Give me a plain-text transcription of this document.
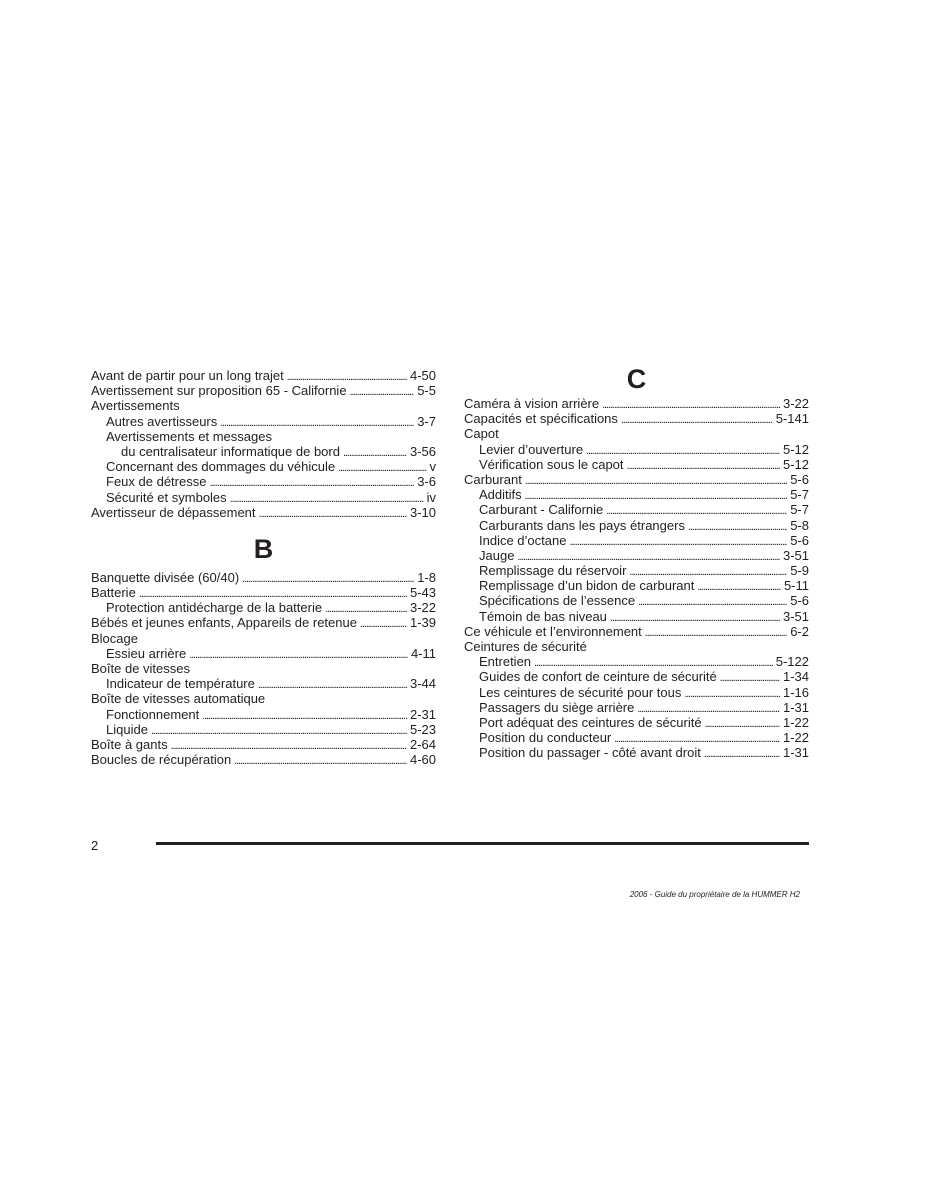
Avant de partir pour un long trajet . . .	4-50
Avertissement sur proposition 65 - Californie . . .	5-5
Avertissements
Autres avertisseurs . . .	3-7
Avertissements et messages
du centralisateur informatique de bord . . .	3-56
Concernant des dommages du véhicule . . .	v
Feux de détresse . . .	3-6
Sécurité et symboles . . .	iv
Avertisseur de dépassement . . .	3-10
B
Banquette divisée (60/40) . . .	1-8
Batterie . . .	5-43
Protection antidécharge de la batterie . . .	3-22
Bébés et jeunes enfants, Appareils de retenue . . .	1-39
Blocage
Essieu arrière . . .	4-11
Boîte de vitesses
Indicateur de température . . .	3-44
Boîte de vitesses automatique
Fonctionnement . . .	2-31
Liquide . . .	5-23
Boîte à gants . . .	2-64
Boucles de récupération . . .	4-60
C
Caméra à vision arrière . . .	3-22
Capacités et spécifications . . .	5-141
Capot
Levier d’ouverture . . .	5-12
Vérification sous le capot . . .	5-12
Carburant . . .	5-6
Additifs . . .	5-7
Carburant - Californie . . .	5-7
Carburants dans les pays étrangers . . .	5-8
Indice d’octane . . .	5-6
Jauge . . .	3-51
Remplissage du réservoir . . .	5-9
Remplissage d’un bidon de carburant . . .	5-11
Spécifications de l’essence . . .	5-6
Témoin de bas niveau . . .	3-51
Ce véhicule et l’environnement . . .	6-2
Ceintures de sécurité
Entretien . . .	5-122
Guides de confort de ceinture de sécurité . . .	1-34
Les ceintures de sécurité pour tous . . .	1-16
Passagers du siège arrière . . .	1-31
Port adéquat des ceintures de sécurité . . .	1-22
Position du conducteur . . .	1-22
Position du passager - côté avant droit . . .	1-31
2
2006 - Guide du propriétaire de la HUMMER H2
